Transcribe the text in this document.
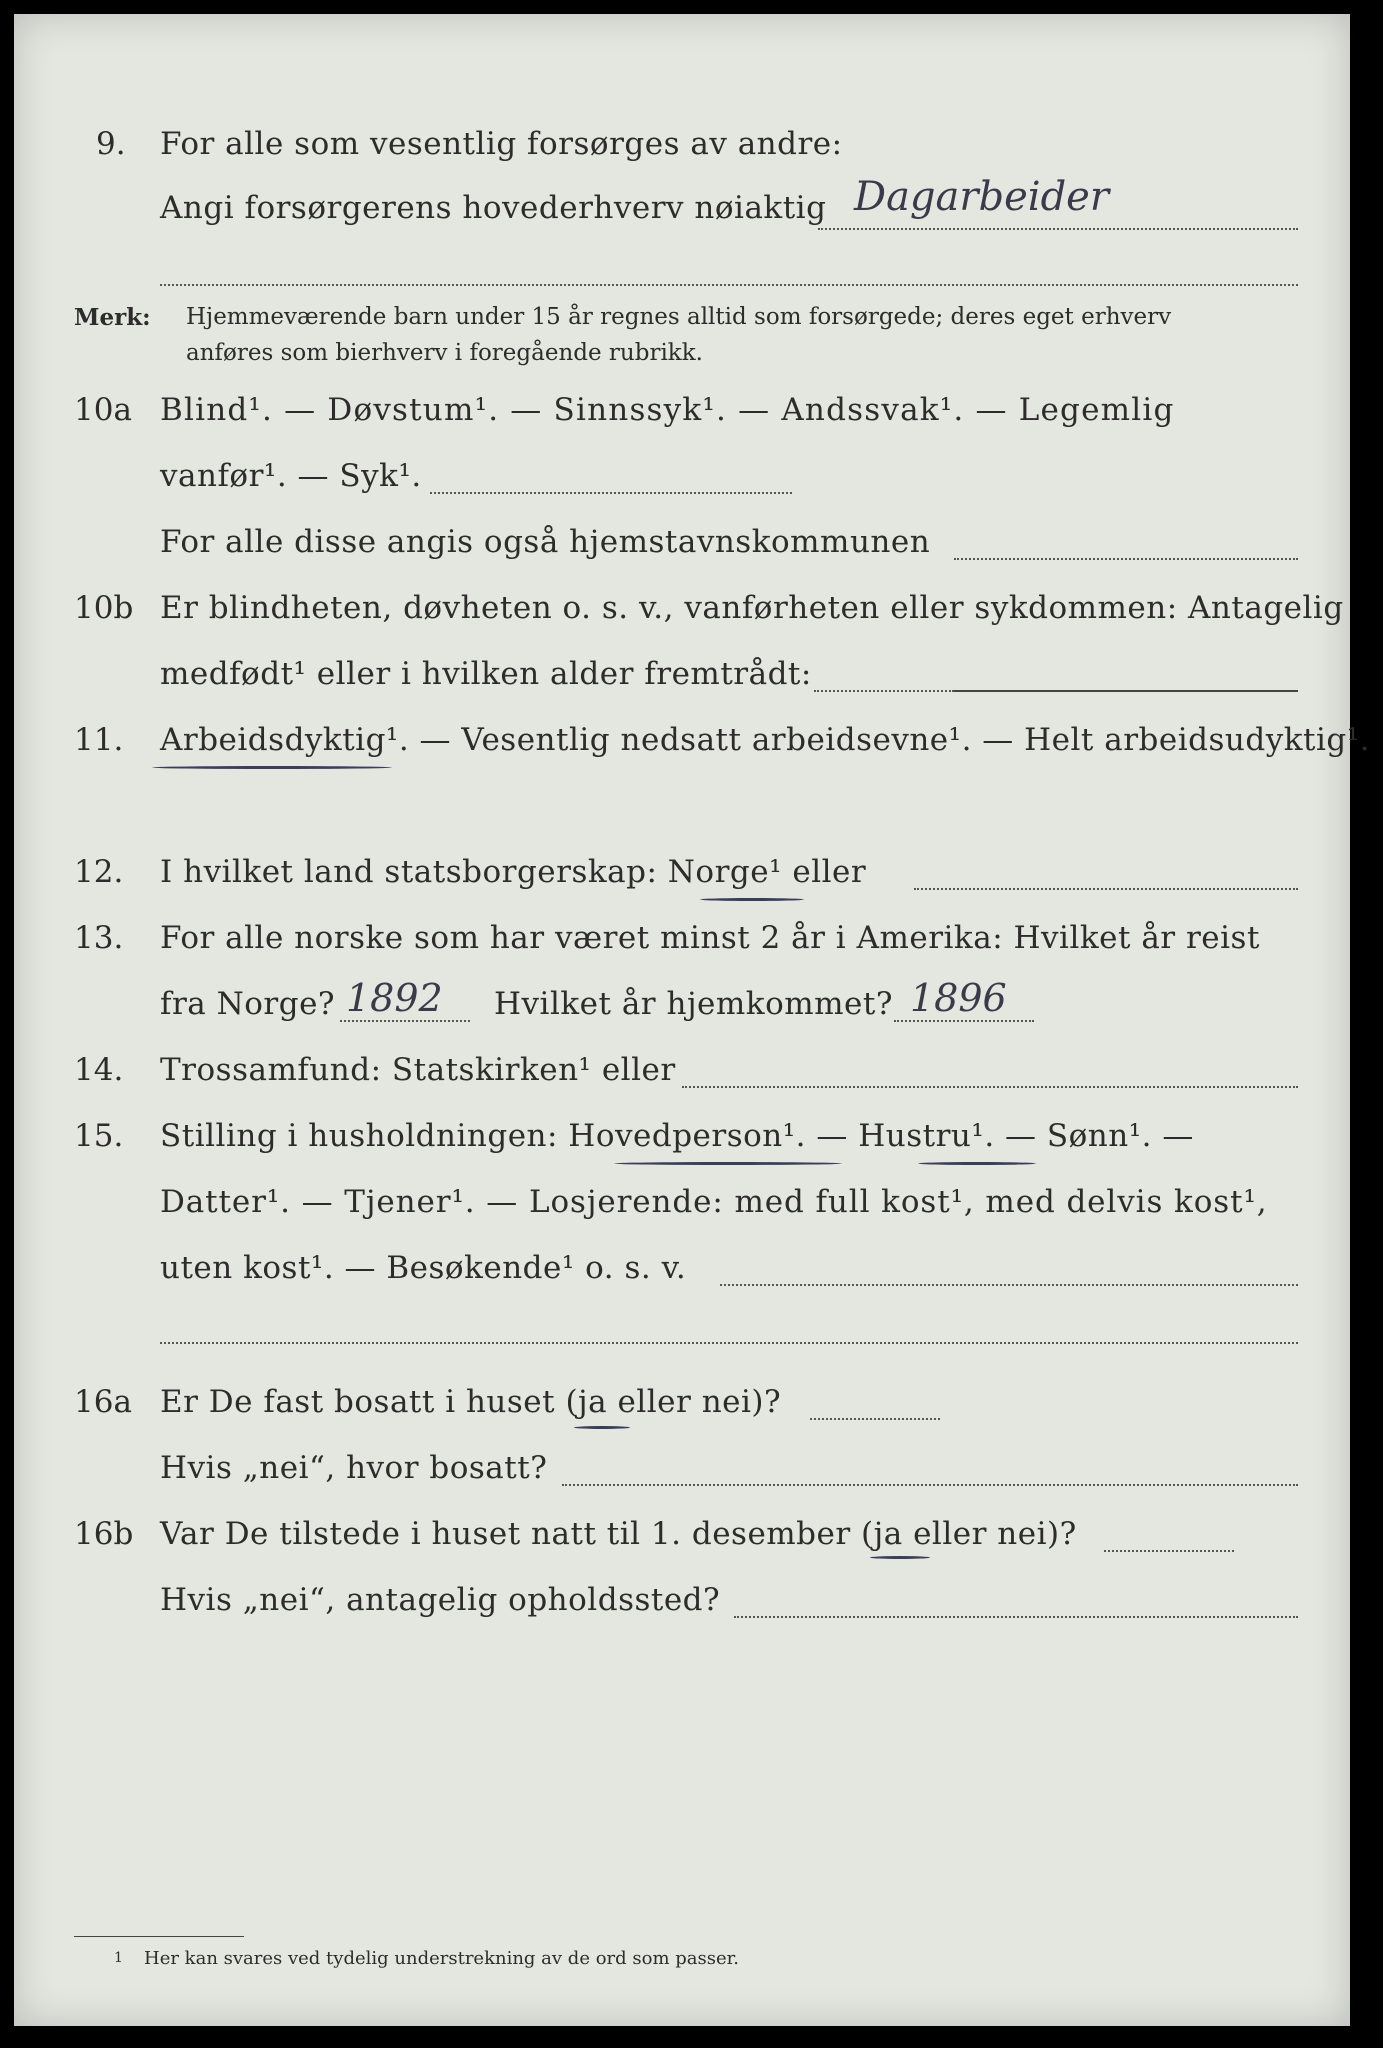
9. For alle som vesentlig forsørges av andre:
Angi forsørgerens hovederhverv nøiaktig Dagarbeider
Merk: Hjemmeværende barn under 15 år regnes alltid som forsørgede; deres eget erhverv
anføres som bierhverv i foregående rubrikk.
10a Blind¹. — Døvstum¹. — Sinnssyk¹. — Andssvak¹. — Legemlig
vanfør¹. — Syk¹.
For alle disse angis også hjemstavnskommunen
10b Er blindheten, døvheten o. s. v., vanførheten eller sykdommen: Antagelig
medfødt¹ eller i hvilken alder fremtrådt:
11. Arbeidsdyktig¹. — Vesentlig nedsatt arbeidsevne¹. — Helt arbeidsudyktig¹.
12. I hvilket land statsborgerskap: Norge¹ eller
13. For alle norske som har været minst 2 år i Amerika: Hvilket år reist
fra Norge? 1892 Hvilket år hjemkommet? 1896
14. Trossamfund: Statskirken¹ eller
15. Stilling i husholdningen: Hovedperson¹. — Hustru¹. — Sønn¹. —
Datter¹. — Tjener¹. — Losjerende: med full kost¹, med delvis kost¹,
uten kost¹. — Besøkende¹ o. s. v.
16a Er De fast bosatt i huset (ja eller nei)?
Hvis „nei“, hvor bosatt?
16b Var De tilstede i huset natt til 1. desember (ja eller nei)?
Hvis „nei“, antagelig opholdssted?
1 Her kan svares ved tydelig understrekning av de ord som passer.
